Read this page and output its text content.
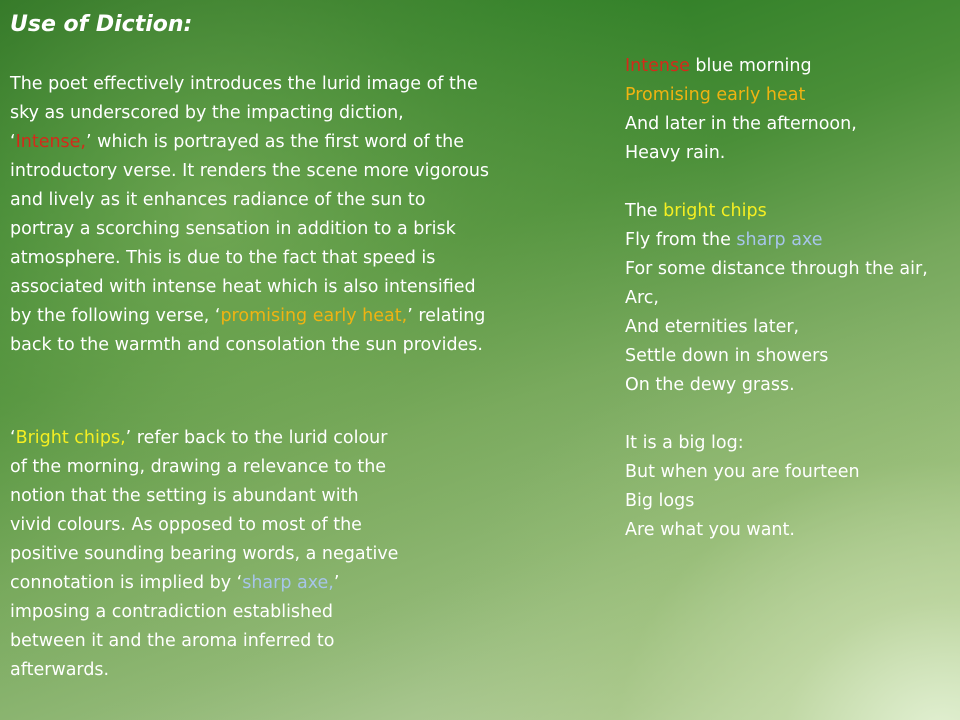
Use of Diction:

The poet effectively introduces the lurid image of the sky as underscored by the impacting diction, ‘Intense,’ which is portrayed as the first word of the introductory verse. It renders the scene more vigorous and lively as it enhances radiance of the sun to portray a scorching sensation in addition to a brisk atmosphere. This is due to the fact that speed is associated with intense heat which is also intensified by the following verse, ‘promising early heat,’ relating back to the warmth and consolation the sun provides.

‘Bright chips,’ refer back to the lurid colour of the morning, drawing a relevance to the notion that the setting is abundant with vivid colours. As opposed to most of the positive sounding bearing words, a negative connotation is implied by ‘sharp axe,’ imposing a contradiction established between it and the aroma inferred to afterwards.

Intense blue morning
Promising early heat
And later in the afternoon,
Heavy rain.
The bright chips
Fly from the sharp axe
For some distance through the air,
Arc,
And eternities later,
Settle down in showers
On the dewy grass.
It is a big log:
But when you are fourteen
Big logs
Are what you want.
